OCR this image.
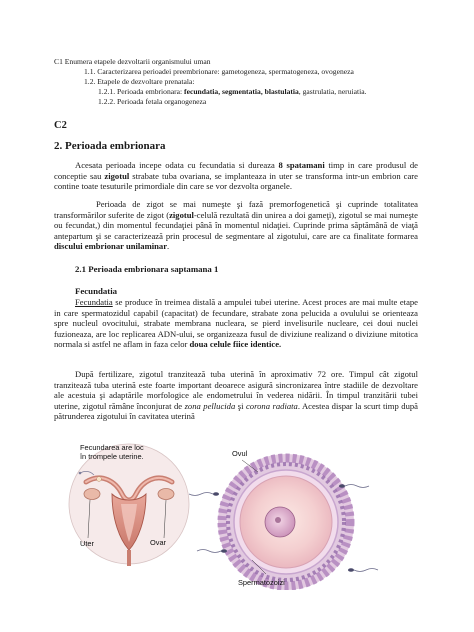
C1 Enumera etapele dezvoltarii organismului uman
1.1. Caracterizarea perioadei preembrionare: gametogeneza, spermatogeneza, ovogeneza
1.2. Etapele de dezvoltare prenatala:
1.2.1. Perioada embrionara: fecundatia, segmentatia, blastulatia, gastrulatia, neruiatia.
1.2.2. Perioada fetala organogeneza
C2
2. Perioada embrionara
Acesata perioada incepe odata cu fecundatia si dureaza 8 spatamani timp in care produsul de conceptie sau zigotul strabate tuba ovariana, se implanteaza in uter se transforma intr-un embrion care contine toate tesuturile primordiale din care se vor dezvolta organele.
Perioada de zigot se mai numeşte şi fază premorfogenetică şi cuprinde totalitatea transformărilor suferite de zigot (zigotul-celulă rezultată din unirea a doi gameţi), zigotul se mai numeşte ou fecundat,) din momentul fecundaţiei până în momentul nidaţiei. Cuprinde prima săptămână de viaţă antepartum şi se caracterizează prin procesul de segmentare al zigotului, care are ca finalitate formarea discului embrionar unilaminar.
2.1 Perioada embrionara saptamana 1
Fecundatia
Fecundatia se produce în treimea distală a ampulei tubei uterine. Acest proces are mai multe etape in care spermatozidul capabil (capacitat) de fecundare, strabate zona pelucida a ovulului se orienteaza spre nucleul ovocitului, strabate membrana nucleara, se pierd invelisurile nucleare, cei doui nuclei fuzioneaza, are loc replicarea ADN-ului, se organizeaza fusul de diviziune realizand o diviziune mitotica normala si astfel ne aflam in faza celor doua celule fiice identice.
După fertilizare, zigotul tranzitează tuba uterină în aproximativ 72 ore. Timpul cât zigotul tranzitează tuba uterină este foarte important deoarece asigură sincronizarea între stadiile de dezvoltare ale acestuia şi adaptările morfologice ale endometrului în vederea nidării. În timpul tranzitării tubei uterine, zigotul rămâne înconjurat de zona pellucida şi corona radiata. Acestea dispar la scurt timp după pătrunderea zigotului în cavitatea uterină
Fecundarea are loc în trompele uterine.
Uter	Ovar
Ovul
Spermatozoizi
